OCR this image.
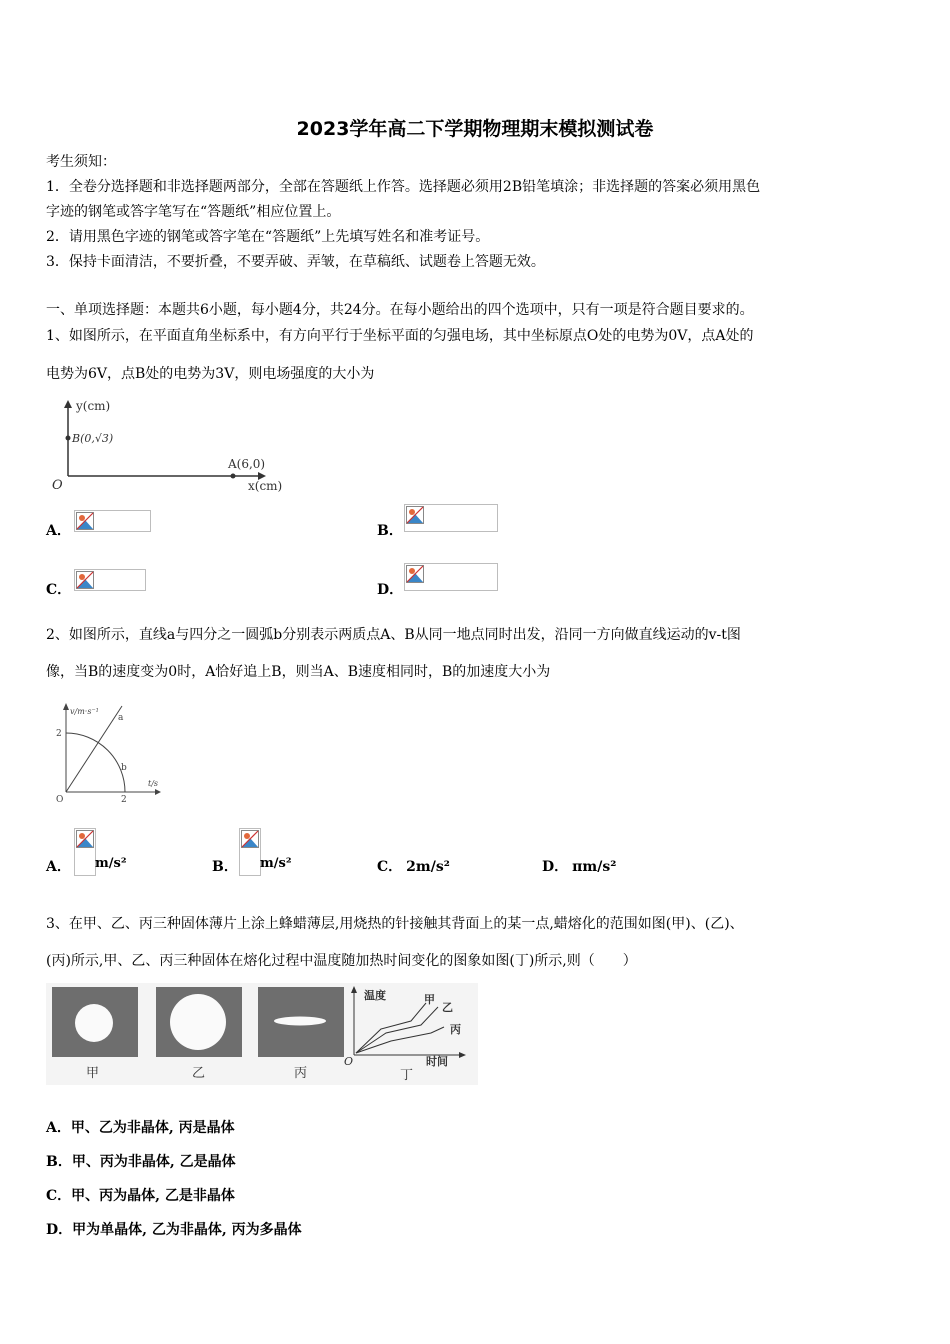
2023学年高二下学期物理期末模拟测试卷
考生须知：
1．全卷分选择题和非选择题两部分，全部在答题纸上作答。选择题必须用2B铅笔填涂；非选择题的答案必须用黑色
字迹的钢笔或答字笔写在“答题纸”相应位置上。
2．请用黑色字迹的钢笔或答字笔在“答题纸”上先填写姓名和准考证号。
3．保持卡面清洁，不要折叠，不要弄破、弄皱，在草稿纸、试题卷上答题无效。
一、单项选择题：本题共6小题，每小题4分，共24分。在每小题给出的四个选项中，只有一项是符合题目要求的。
1、如图所示，在平面直角坐标系中，有方向平行于坐标平面的匀强电场，其中坐标原点O处的电势为0V，点A处的
电势为6V，点B处的电势为3V，则电场强度的大小为
y(cm)
B(0,√3)
A(6,0)
O	x(cm)
A．	B．
C．	D．
2、如图所示，直线a与四分之一圆弧b分别表示两质点A、B从同一地点同时出发，沿同一方向做直线运动的v-t图
像，当B的速度变为0时，A恰好追上B，则当A、B速度相同时，B的加速度大小为
v/m·s⁻¹
t/s
2
2
O
a
b
A． m/s²	B． m/s²	C． 2m/s²	D． πm/s²
3、在甲、乙、丙三种固体薄片上涂上蜂蜡薄层,用烧热的针接触其背面上的某一点,蜡熔化的范围如图(甲)、(乙)、
(丙)所示,甲、乙、丙三种固体在熔化过程中温度随加热时间变化的图象如图(丁)所示,则（　　）
甲	乙	丙	丁
温度
时间
O
甲
乙
丙
A．甲、乙为非晶体, 丙是晶体
B．甲、丙为非晶体, 乙是晶体
C．甲、丙为晶体, 乙是非晶体
D．甲为单晶体, 乙为非晶体, 丙为多晶体
